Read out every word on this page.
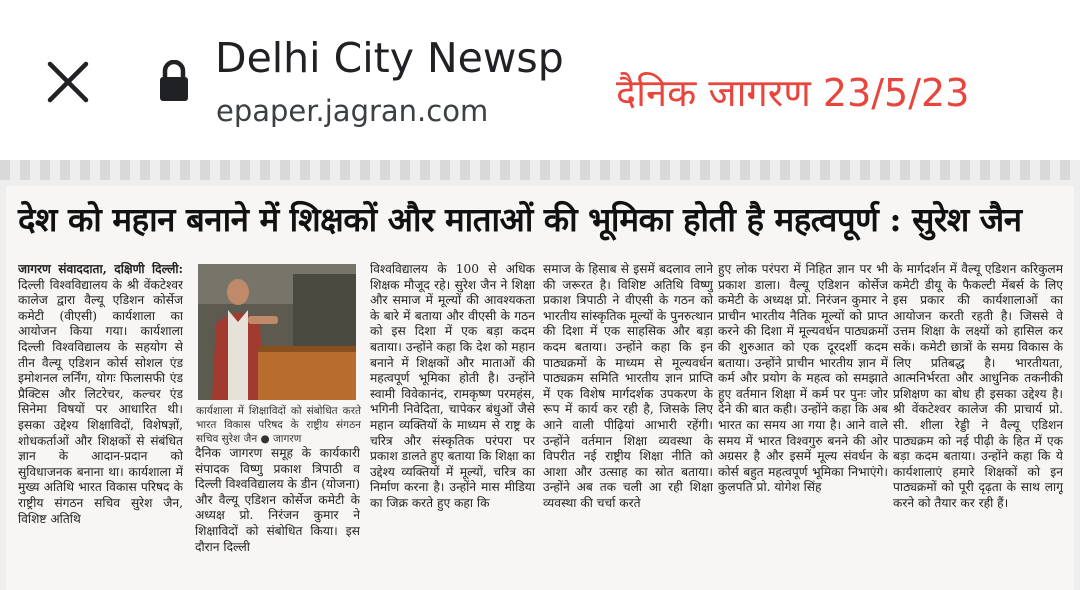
Delhi City Newsp
epaper.jagran.com	दैनिक जागरण 23/5/23
देश को महान बनाने में शिक्षकों और माताओं की भूमिका होती है महत्वपूर्ण : सुरेश जैन

जागरण संवाददाता, दक्षिणी दिल्ली: दिल्ली विश्वविद्यालय के श्री वेंकटेश्वर कालेज द्वारा वैल्यू एडिशन कोर्सेज कमेटी (वीएसी) कार्यशाला का आयोजन किया गया। कार्यशाला दिल्ली विश्वविद्यालय के सहयोग से तीन वैल्यू एडिशन कोर्स सोशल एंड इमोशनल लर्निंग, योगः फिलासफी एंड प्रैक्टिस और लिटरेचर, कल्चर एंड सिनेमा विषयों पर आधारित थी। इसका उद्देश्य शिक्षाविदों, विशेषज्ञों, शोधकर्ताओं और शिक्षकों से संबंधित ज्ञान के आदान-प्रदान को सुविधाजनक बनाना था। कार्यशाला में मुख्य अतिथि भारत विकास परिषद के राष्ट्रीय संगठन सचिव सुरेश जैन, विशिष्ट अतिथि

कार्यशाला में शिक्षाविदों को संबोधित करते भारत विकास परिषद के राष्ट्रीय संगठन सचिव सुरेश जैन ● जागरण

दैनिक जागरण समूह के कार्यकारी संपादक विष्णु प्रकाश त्रिपाठी व दिल्ली विश्वविद्यालय के डीन (योजना) और वैल्यू एडिशन कोर्सेज कमेटी के अध्यक्ष प्रो. निरंजन कुमार ने शिक्षाविदों को संबोधित किया। इस दौरान दिल्ली

विश्वविद्यालय के 100 से अधिक शिक्षक मौजूद रहे। सुरेश जैन ने शिक्षा और समाज में मूल्यों की आवश्यकता के बारे में बताया और वीएसी के गठन को इस दिशा में एक बड़ा कदम बताया। उन्होंने कहा कि देश को महान बनाने में शिक्षकों और माताओं की महत्वपूर्ण भूमिका होती है। उन्होंने स्वामी विवेकानंद, रामकृष्ण परमहंस, भगिनी निवेदिता, चापेकर बंधुओं जैसे महान व्यक्तियों के माध्यम से राष्ट्र के चरित्र और संस्कृतिक परंपरा पर प्रकाश डालते हुए बताया कि शिक्षा का उद्देश्य व्यक्तियों में मूल्यों, चरित्र का निर्माण करना है। उन्होंने मास मीडिया का जिक्र करते हुए कहा कि

समाज के हिसाब से इसमें बदलाव लाने की जरूरत है। विशिष्ट अतिथि विष्णु प्रकाश त्रिपाठी ने वीएसी के गठन को भारतीय सांस्कृतिक मूल्यों के पुनरुत्थान की दिशा में एक साहसिक और बड़ा कदम बताया। उन्होंने कहा कि इन पाठ्यक्रमों के माध्यम से मूल्यवर्धन पाठ्यक्रम समिति भारतीय ज्ञान प्राप्ति में एक विशेष मार्गदर्शक उपकरण के रूप में कार्य कर रही है, जिसके लिए आने वाली पीढ़ियां आभारी रहेंगी। उन्होंने वर्तमान शिक्षा व्यवस्था के विपरीत नई राष्ट्रीय शिक्षा नीति को आशा और उत्साह का स्रोत बताया। उन्होंने अब तक चली आ रही शिक्षा व्यवस्था की चर्चा करते

हुए लोक परंपरा में निहित ज्ञान पर भी प्रकाश डाला। वैल्यू एडिशन कोर्सेज कमेटी के अध्यक्ष प्रो. निरंजन कुमार ने प्राचीन भारतीय नैतिक मूल्यों को प्राप्त करने की दिशा में मूल्यवर्धन पाठ्यक्रमों की शुरुआत को एक दूरदर्शी कदम बताया। उन्होंने प्राचीन भारतीय ज्ञान में कर्म और प्रयोग के महत्व को समझाते हुए वर्तमान शिक्षा में कर्म पर पुनः जोर देने की बात कही। उन्होंने कहा कि अब भारत का समय आ गया है। आने वाले समय में भारत विश्वगुरु बनने की ओर अग्रसर है और इसमें मूल्य संवर्धन के कोर्स बहुत महत्वपूर्ण भूमिका निभाएंगे। कुलपति प्रो. योगेश सिंह

के मार्गदर्शन में वैल्यू एडिशन करिकुलम कमेटी डीयू के फैकल्टी मेंबर्स के लिए इस प्रकार की कार्यशालाओं का आयोजन करती रहती है। जिससे वे उत्तम शिक्षा के लक्ष्यों को हासिल कर सकें। कमेटी छात्रों के समग्र विकास के लिए प्रतिबद्ध है। भारतीयता, आत्मनिर्भरता और आधुनिक तकनीकी प्रशिक्षण का बोध ही इसका उद्देश्य है। श्री वेंकटेश्वर कालेज की प्राचार्य प्रो. सी. शीला रेड्डी ने वैल्यू एडिशन पाठ्यक्रम को नई पीढ़ी के हित में एक बड़ा कदम बताया। उन्होंने कहा कि ये कार्यशालाएं हमारे शिक्षकों को इन पाठ्यक्रमों को पूरी दृढ़ता के साथ लागू करने को तैयार कर रही हैं।
